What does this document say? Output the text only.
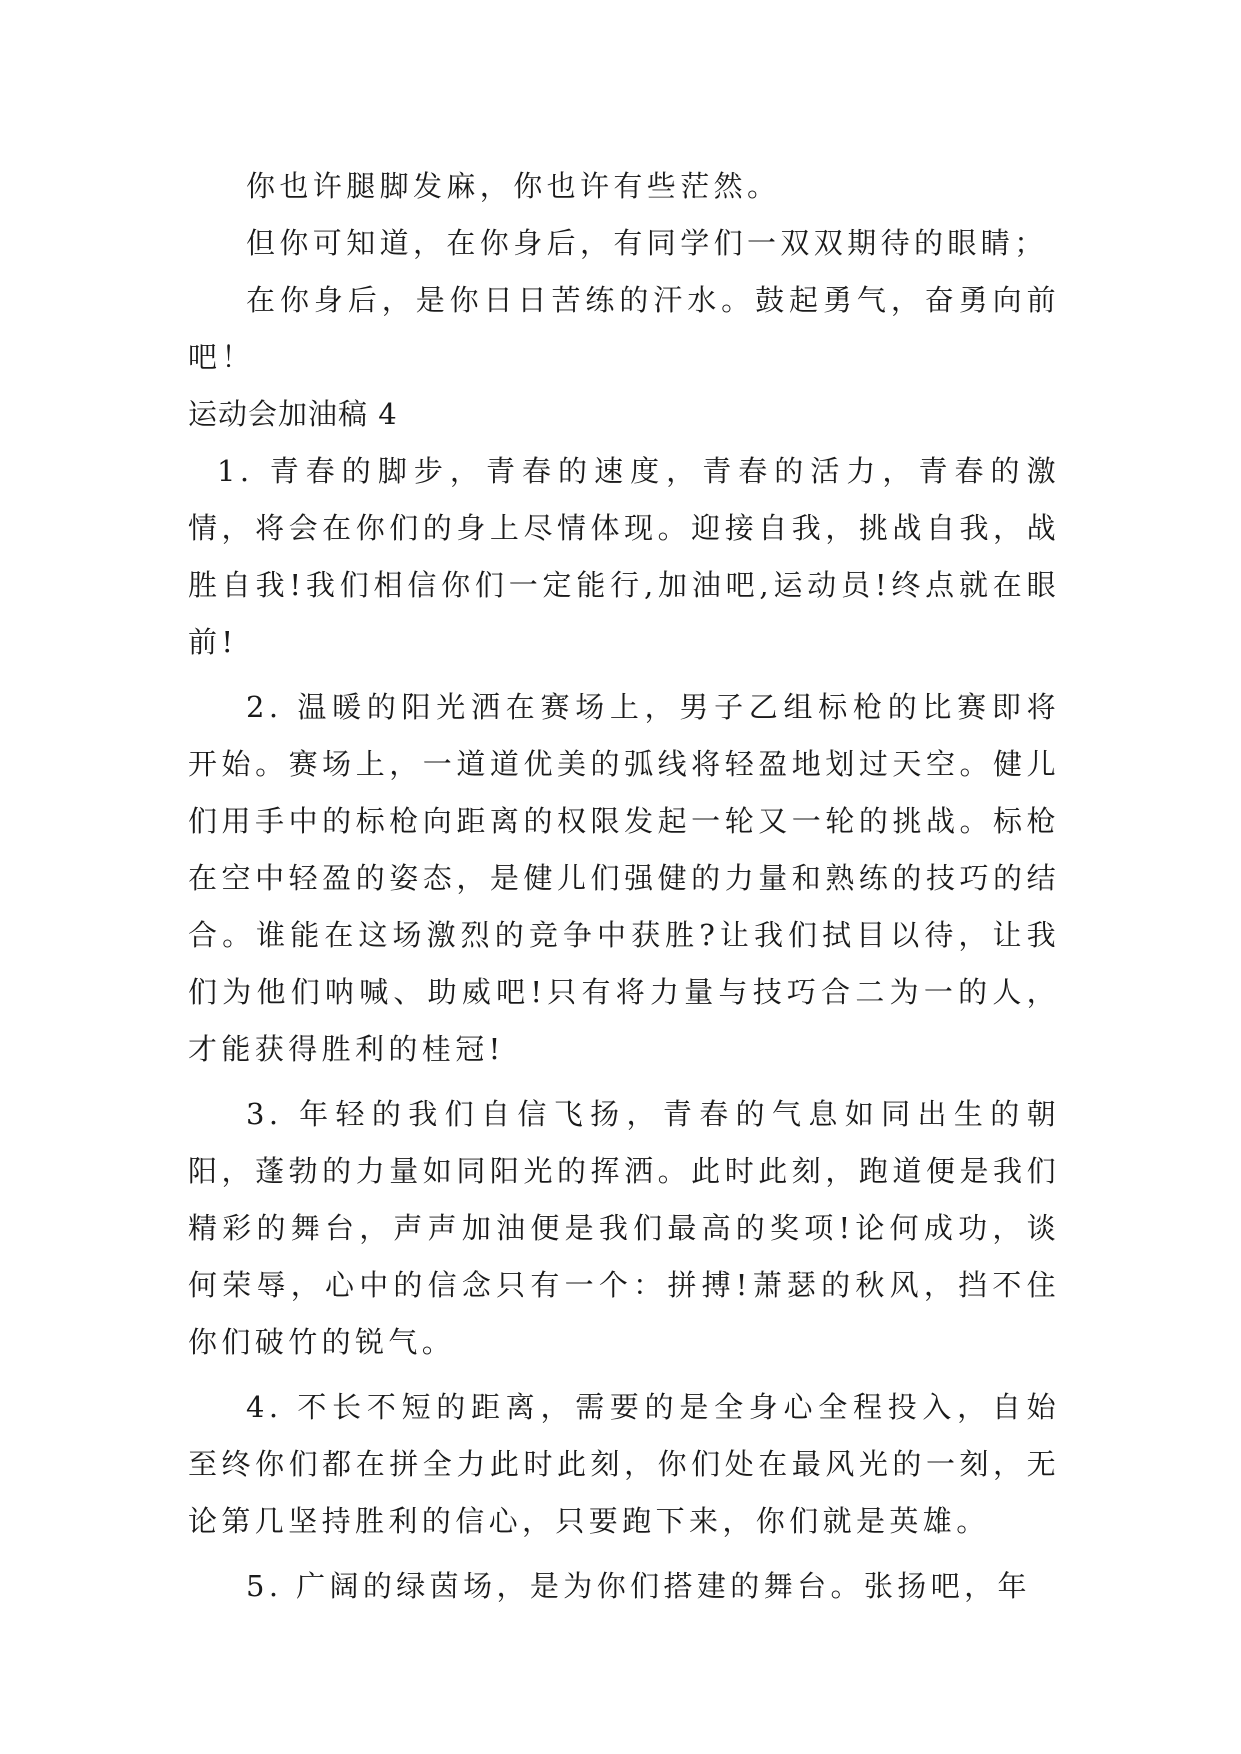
你也许腿脚发麻，你也许有些茫然。

但你可知道，在你身后，有同学们一双双期待的眼睛；

在你身后，是你日日苦练的汗水。鼓起勇气，奋勇向前吧！

运动会加油稿 4

1. 青春的脚步，青春的速度，青春的活力，青春的激情，将会在你们的身上尽情体现。迎接自我，挑战自我，战胜自我!我们相信你们一定能行,加油吧,运动员!终点就在眼前!

2. 温暖的阳光洒在赛场上，男子乙组标枪的比赛即将开始。赛场上，一道道优美的弧线将轻盈地划过天空。健儿们用手中的标枪向距离的权限发起一轮又一轮的挑战。标枪在空中轻盈的姿态，是健儿们强健的力量和熟练的技巧的结合。谁能在这场激烈的竞争中获胜?让我们拭目以待，让我们为他们呐喊、助威吧!只有将力量与技巧合二为一的人，才能获得胜利的桂冠!

3. 年轻的我们自信飞扬，青春的气息如同出生的朝阳，蓬勃的力量如同阳光的挥洒。此时此刻，跑道便是我们精彩的舞台，声声加油便是我们最高的奖项!论何成功，谈何荣辱，心中的信念只有一个：拼搏!萧瑟的秋风，挡不住你们破竹的锐气。

4. 不长不短的距离，需要的是全身心全程投入，自始至终你们都在拼全力此时此刻，你们处在最风光的一刻，无论第几坚持胜利的信心，只要跑下来，你们就是英雄。

5. 广阔的绿茵场，是为你们搭建的舞台。张扬吧，年
